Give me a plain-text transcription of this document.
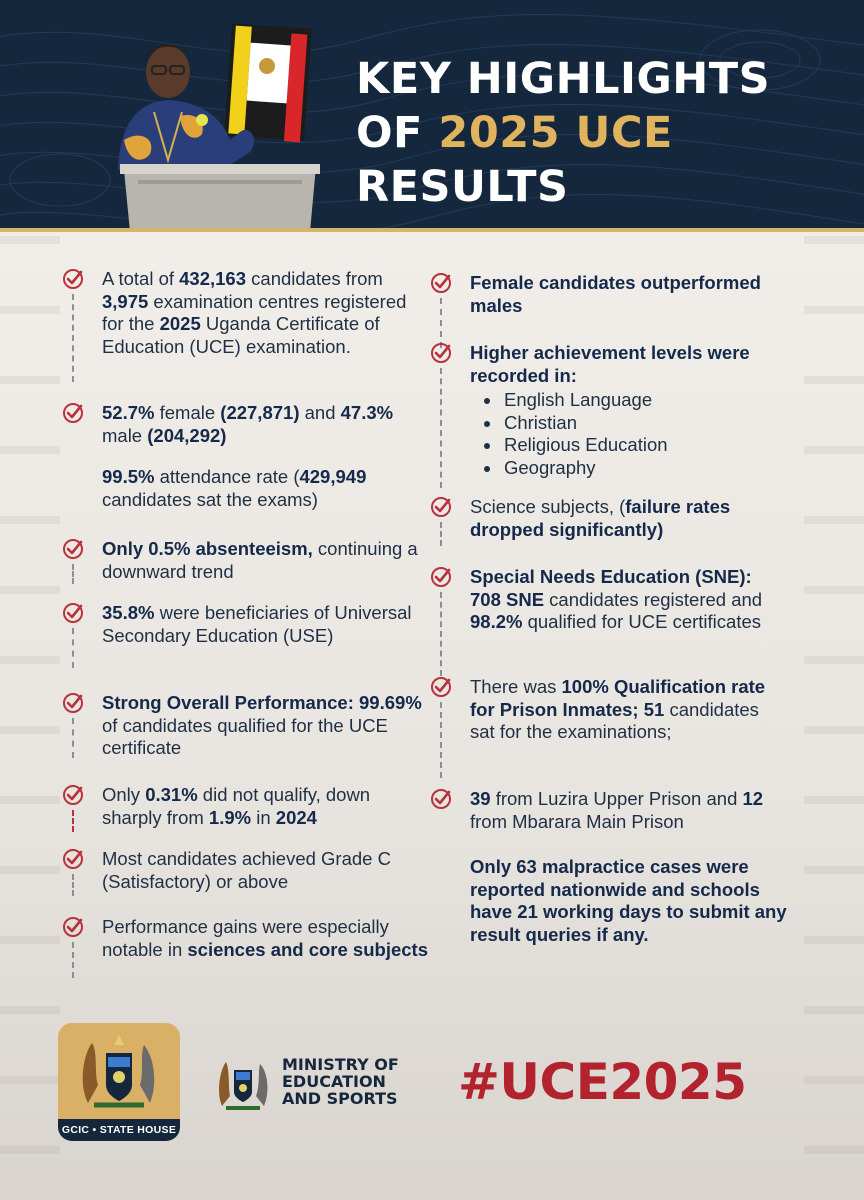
KEY HIGHLIGHTS
OF 2025 UCE
RESULTS
A total of 432,163 candidates from 3,975 examination centres registered for the 2025 Uganda Certificate of Education (UCE) examination.
52.7% female (227,871) and 47.3% male (204,292)
99.5% attendance rate (429,949 candidates sat the exams)
Only 0.5% absenteeism, continuing a downward trend
35.8% were beneficiaries of Universal Secondary Education (USE)
Strong Overall Performance: 99.69% of candidates qualified for the UCE certificate
Only 0.31% did not qualify, down sharply from 1.9% in 2024
Most candidates achieved Grade C (Satisfactory) or above
Performance gains were especially notable in sciences and core subjects
Female candidates outperformed males
Higher achievement levels were recorded in:
English Language
Christian
Religious Education
Geography
Science subjects, (failure rates dropped significantly)
Special Needs Education (SNE): 708 SNE candidates registered and 98.2% qualified for UCE certificates
There was 100% Qualification rate for Prison Inmates; 51 candidates sat for the examinations;
39 from Luzira Upper Prison and 12 from Mbarara Main Prison
Only 63 malpractice cases were reported nationwide and schools have 21 working days to submit any result queries if any.
GCIC • STATE HOUSE
MINISTRY OF
EDUCATION
AND SPORTS #UCE2025
